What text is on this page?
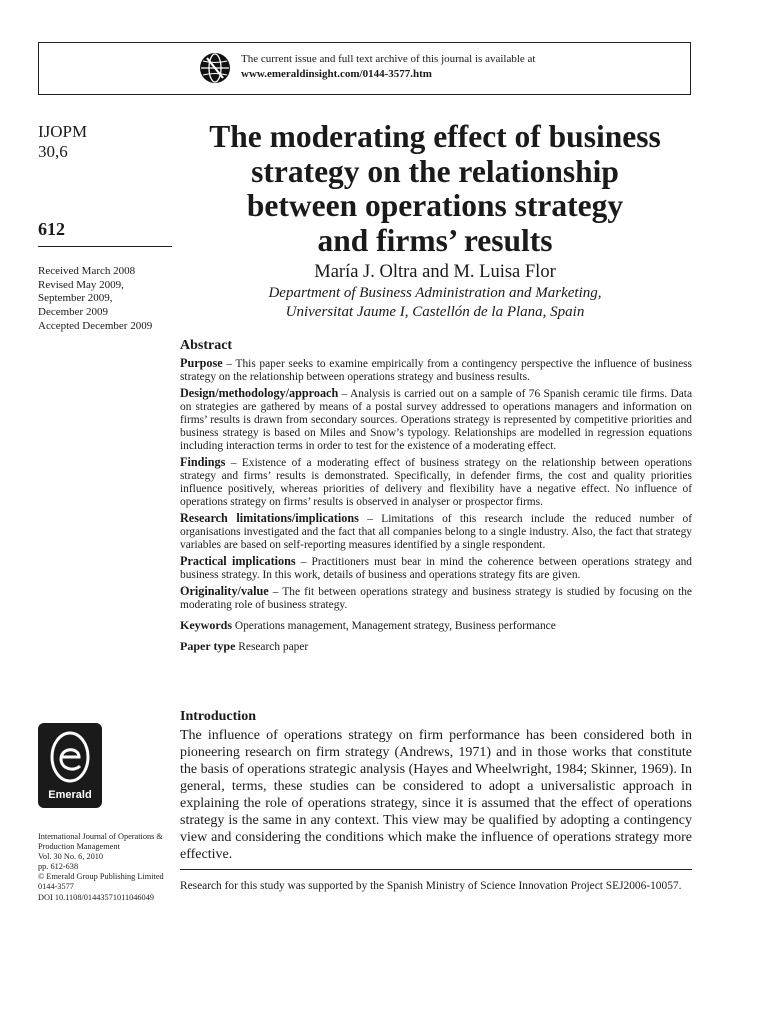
The current issue and full text archive of this journal is available at
www.emeraldinsight.com/0144-3577.htm
IJOPM
30,6
612
Received March 2008
Revised May 2009,
September 2009,
December 2009
Accepted December 2009
The moderating effect of business
strategy on the relationship
between operations strategy
and firms’ results
María J. Oltra and M. Luisa Flor
Department of Business Administration and Marketing,
Universitat Jaume I, Castellón de la Plana, Spain
Abstract

Purpose – This paper seeks to examine empirically from a contingency perspective the influence of business strategy on the relationship between operations strategy and business results.

Design/methodology/approach – Analysis is carried out on a sample of 76 Spanish ceramic tile firms. Data on strategies are gathered by means of a postal survey addressed to operations managers and information on firms’ results is drawn from secondary sources. Operations strategy is represented by competitive priorities and business strategy is based on Miles and Snow’s typology. Relationships are modelled in regression equations including interaction terms in order to test for the existence of a moderating effect.

Findings – Existence of a moderating effect of business strategy on the relationship between operations strategy and firms’ results is demonstrated. Specifically, in defender firms, the cost and quality priorities influence positively, whereas priorities of delivery and flexibility have a negative effect. No influence of operations strategy on firms’ results is observed in analyser or prospector firms.

Research limitations/implications – Limitations of this research include the reduced number of organisations investigated and the fact that all companies belong to a single industry. Also, the fact that strategy variables are based on self-reporting measures identified by a single respondent.

Practical implications – Practitioners must bear in mind the coherence between operations strategy and business strategy. In this work, details of business and operations strategy fits are given.

Originality/value – The fit between operations strategy and business strategy is studied by focusing on the moderating role of business strategy.

Keywords Operations management, Management strategy, Business performance

Paper type Research paper

Introduction

The influence of operations strategy on firm performance has been considered both in pioneering research on firm strategy (Andrews, 1971) and in those works that constitute the basis of operations strategic analysis (Hayes and Wheelwright, 1984; Skinner, 1969). In general, terms, these studies can be considered to adopt a universalistic approach in explaining the role of operations strategy, since it is assumed that the effect of operations strategy is the same in any context. This view may be qualified by adopting a contingency view and considering the conditions which make the influence of operations strategy more effective.

Research for this study was supported by the Spanish Ministry of Science Innovation Project SEJ2006-10057.
Emerald
International Journal of Operations &
Production Management
Vol. 30 No. 6, 2010
pp. 612-638
© Emerald Group Publishing Limited
0144-3577
DOI 10.1108/01443571011046049
